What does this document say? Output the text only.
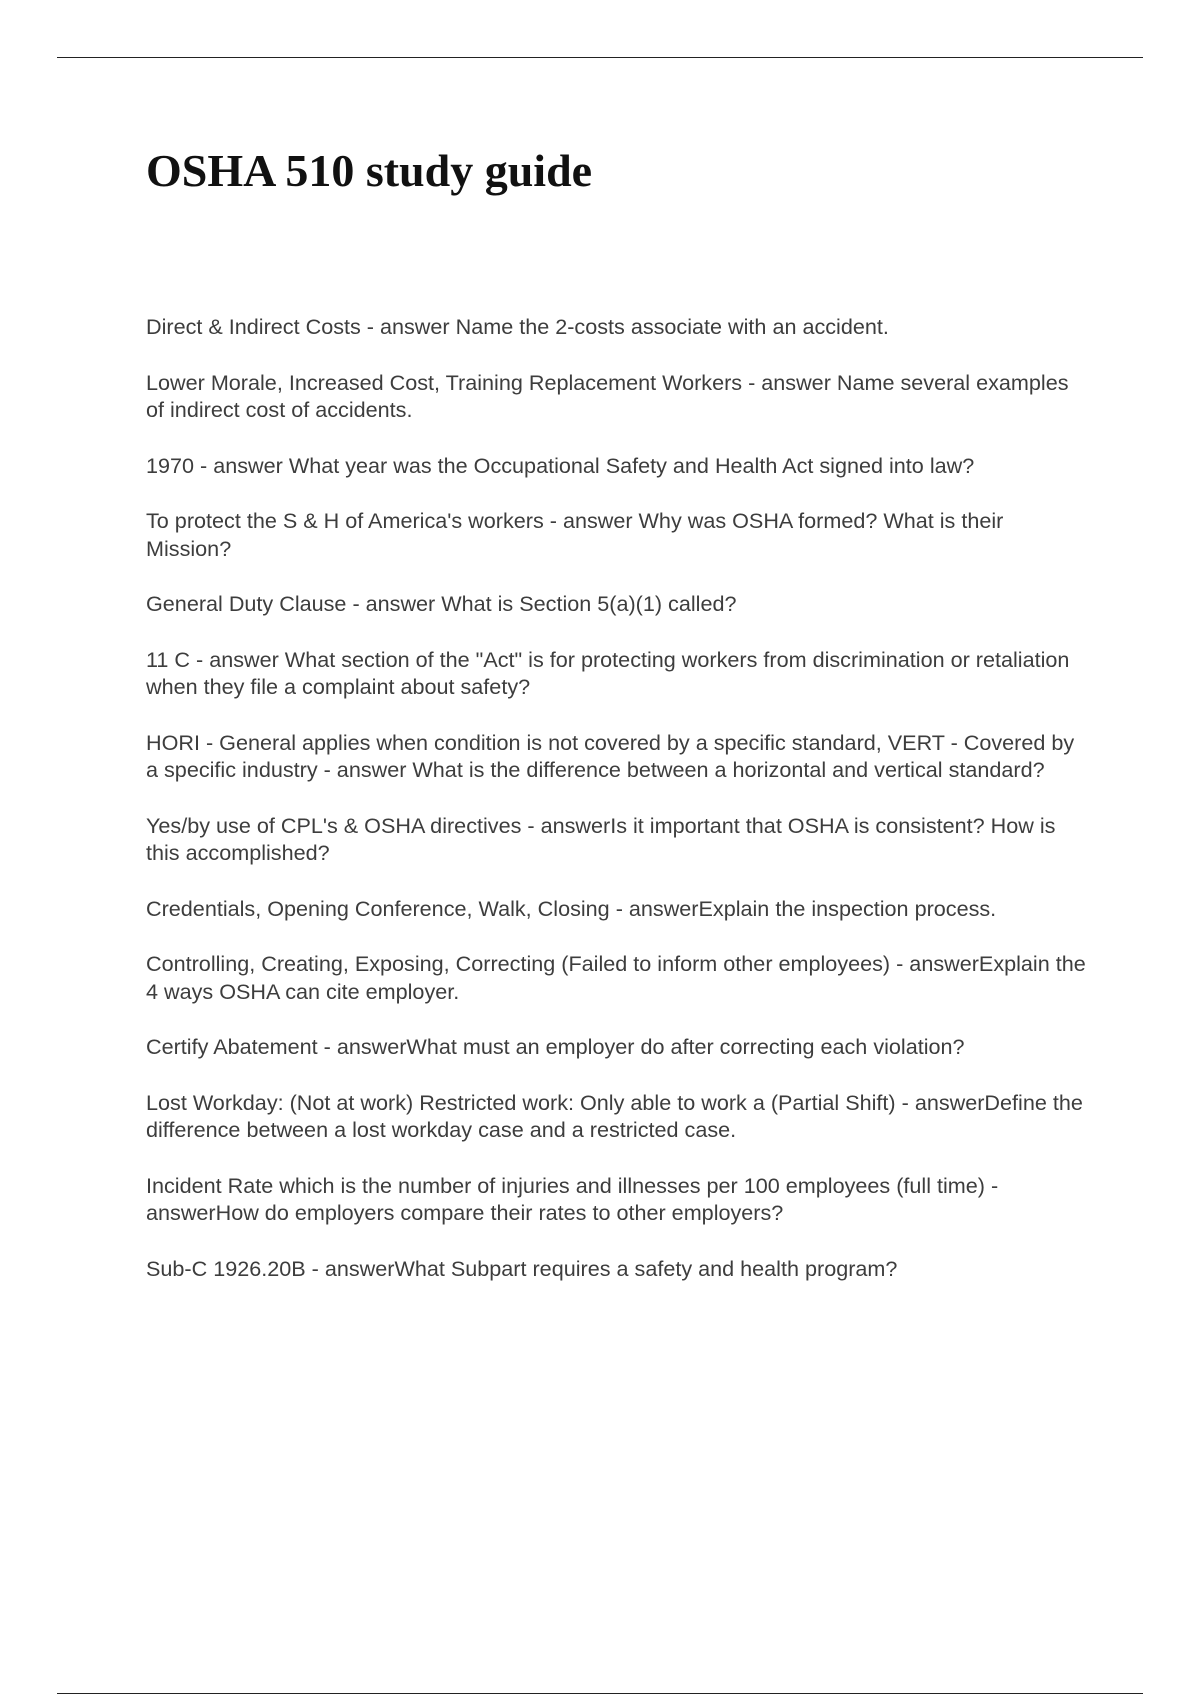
OSHA 510 study guide
Direct & Indirect Costs - answer Name the 2-costs associate with an accident.
Lower Morale, Increased Cost, Training Replacement Workers - answer Name several examples of indirect cost of accidents.
1970 - answer What year was the Occupational Safety and Health Act signed into law?
To protect the S & H of America's workers - answer Why was OSHA formed? What is their Mission?
General Duty Clause - answer What is Section 5(a)(1) called?
11 C - answer What section of the "Act" is for protecting workers from discrimination or retaliation when they file a complaint about safety?
HORI - General applies when condition is not covered by a specific standard, VERT - Covered by a specific industry - answer What is the difference between a horizontal and vertical standard?
Yes/by use of CPL's & OSHA directives - answerIs it important that OSHA is consistent? How is this accomplished?
Credentials, Opening Conference, Walk, Closing - answerExplain the inspection process.
Controlling, Creating, Exposing, Correcting (Failed to inform other employees) - answerExplain the 4 ways OSHA can cite employer.
Certify Abatement - answerWhat must an employer do after correcting each violation?
Lost Workday: (Not at work) Restricted work: Only able to work a (Partial Shift) - answerDefine the difference between a lost workday case and a restricted case.
Incident Rate which is the number of injuries and illnesses per 100 employees (full time) - answerHow do employers compare their rates to other employers?
Sub-C 1926.20B - answerWhat Subpart requires a safety and health program?
